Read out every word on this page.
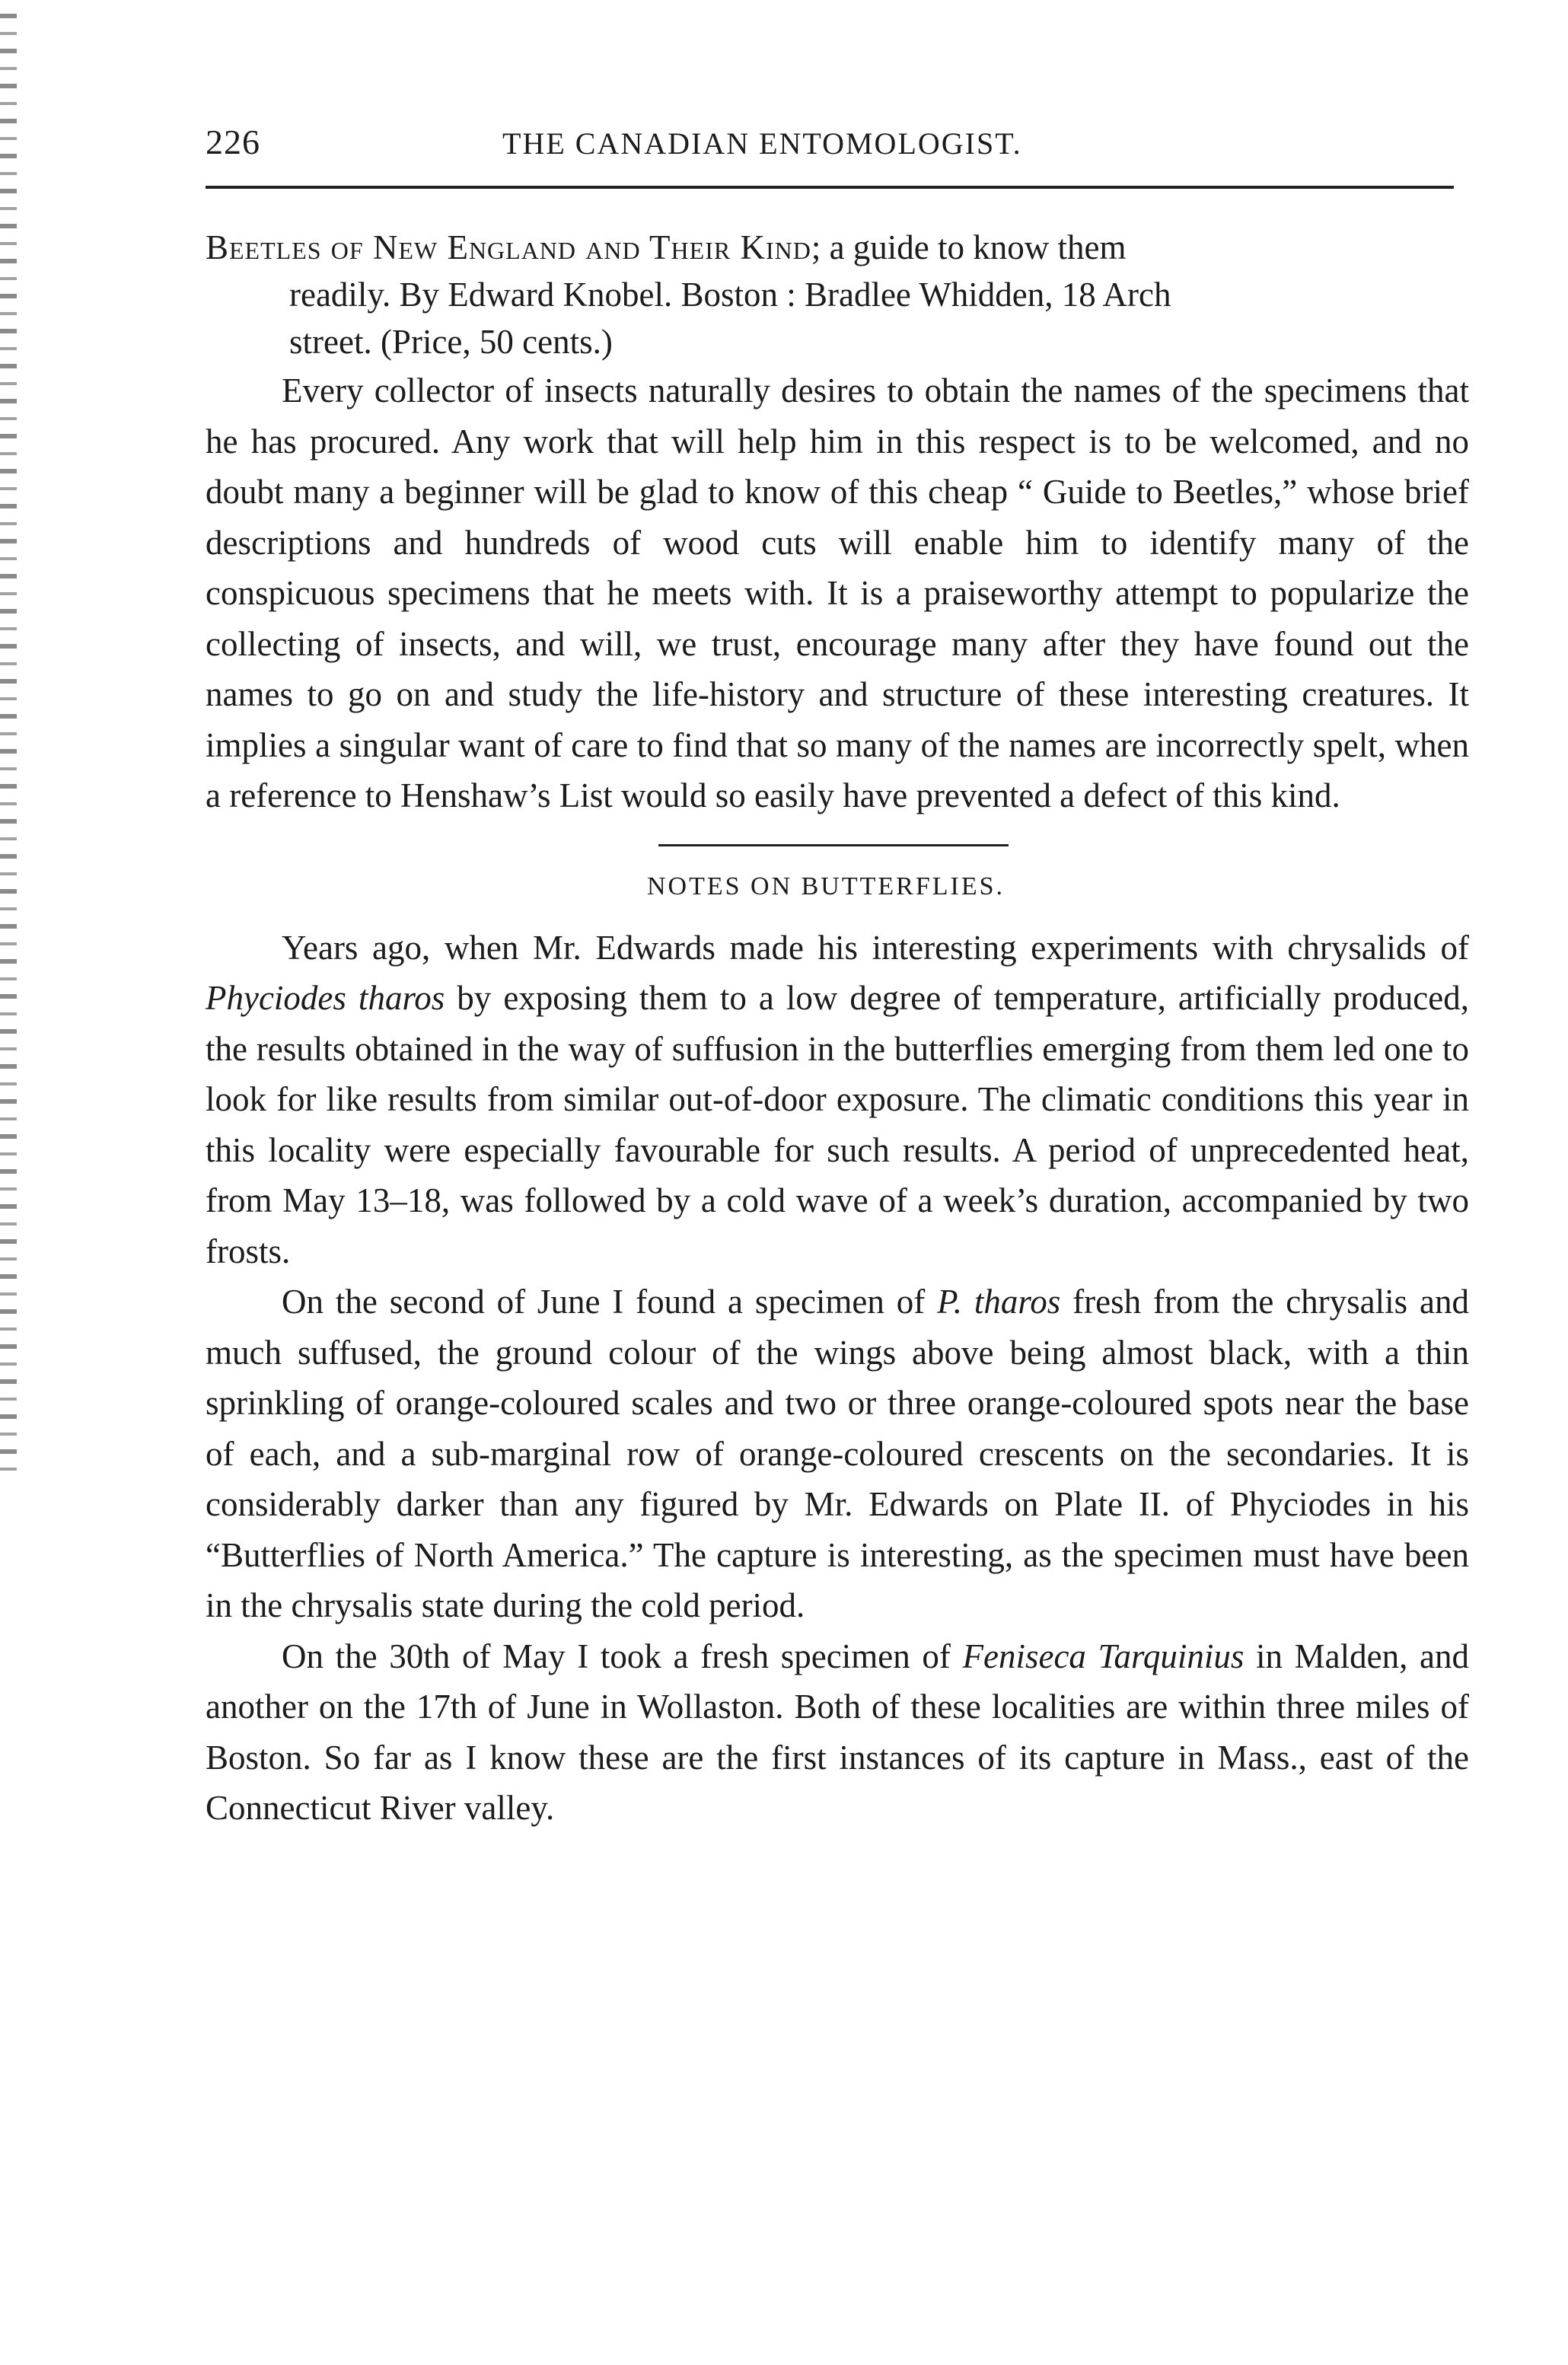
226	THE CANADIAN ENTOMOLOGIST.
Beetles of New England and Their Kind; a guide to know them
readily. By Edward Knobel. Boston : Bradlee Whidden, 18 Arch
street. (Price, 50 cents.)

Every collector of insects naturally desires to obtain the names of the specimens that he has procured. Any work that will help him in this respect is to be welcomed, and no doubt many a beginner will be glad to know of this cheap “ Guide to Beetles,” whose brief descriptions and hundreds of wood cuts will enable him to identify many of the conspicuous specimens that he meets with. It is a praiseworthy attempt to popularize the collecting of insects, and will, we trust, encourage many after they have found out the names to go on and study the life-history and structure of these interesting creatures. It implies a singular want of care to find that so many of the names are incorrectly spelt, when a reference to Henshaw’s List would so easily have prevented a defect of this kind.

NOTES ON BUTTERFLIES.

Years ago, when Mr. Edwards made his interesting experiments with chrysalids of Phyciodes tharos by exposing them to a low degree of temperature, artificially produced, the results obtained in the way of suffusion in the butterflies emerging from them led one to look for like results from similar out-of-door exposure. The climatic conditions this year in this locality were especially favourable for such results. A period of unprecedented heat, from May 13–18, was followed by a cold wave of a week’s duration, accompanied by two frosts.

On the second of June I found a specimen of P. tharos fresh from the chrysalis and much suffused, the ground colour of the wings above being almost black, with a thin sprinkling of orange-coloured scales and two or three orange-coloured spots near the base of each, and a sub-marginal row of orange-coloured crescents on the secondaries. It is considerably darker than any figured by Mr. Edwards on Plate II. of Phyciodes in his “Butterflies of North America.” The capture is interesting, as the specimen must have been in the chrysalis state during the cold period.

On the 30th of May I took a fresh specimen of Feniseca Tarquinius in Malden, and another on the 17th of June in Wollaston. Both of these localities are within three miles of Boston. So far as I know these are the first instances of its capture in Mass., east of the Connecticut River valley.
